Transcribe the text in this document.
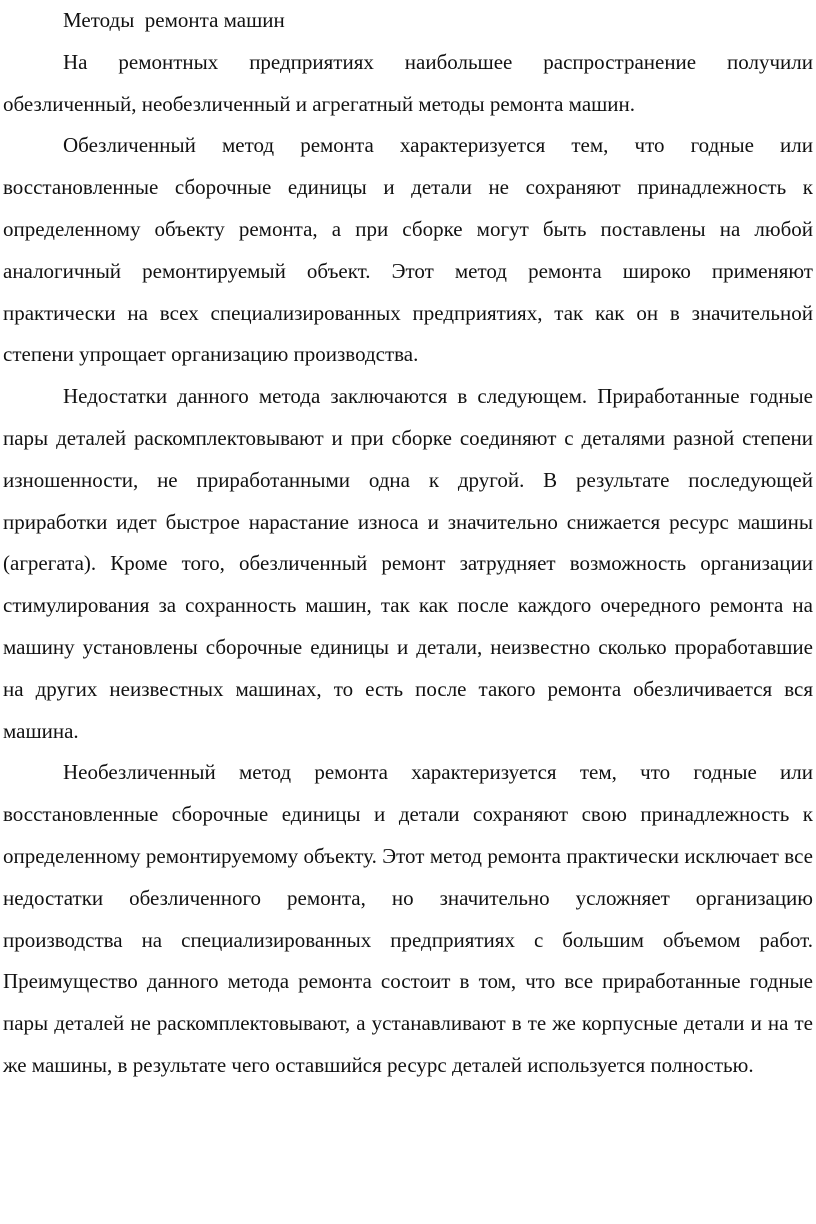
Методы  ремонта машин

На ремонтных предприятиях наибольшее распространение получили обезличенный, необезличенный и агрегатный методы ремонта машин.

Обезличенный метод ремонта характеризуется тем, что годные или восстановленные сборочные единицы и детали не сохраняют принадлежность к определенному объекту ремонта, а при сборке могут быть поставлены на любой аналогичный ремонтируемый объект. Этот метод ремонта широко применяют практически на всех специализированных предприятиях, так как он в значительной степени упрощает организацию производства.

Недостатки данного метода заключаются в следующем. Приработанные годные пары деталей раскомплектовывают и при сборке соединяют с деталями разной степени изношенности, не приработанными одна к другой. В результате последующей приработки идет быстрое нарастание износа и значительно снижается ресурс машины (агрегата). Кроме того, обезличенный ремонт затрудняет возможность организации стимулирования за сохранность машин, так как после каждого очередного ремонта на машину установлены сборочные единицы и детали, неизвестно сколько проработавшие на других неизвестных машинах, то есть после такого ремонта обезличивается вся машина.

Необезличенный метод ремонта характеризуется тем, что годные или восстановленные сборочные единицы и детали сохраняют свою принадлежность к определенному ремонтируемому объекту. Этот метод ремонта практически исключает все недостатки обезличенного ремонта, но значительно усложняет организацию производства на специализированных предприятиях с большим объемом работ. Преимущество данного метода ремонта состоит в том, что все приработанные годные пары деталей не раскомплектовывают, а устанавливают в те же корпусные детали и на те же машины, в результате чего оставшийся ресурс деталей используется полностью.
